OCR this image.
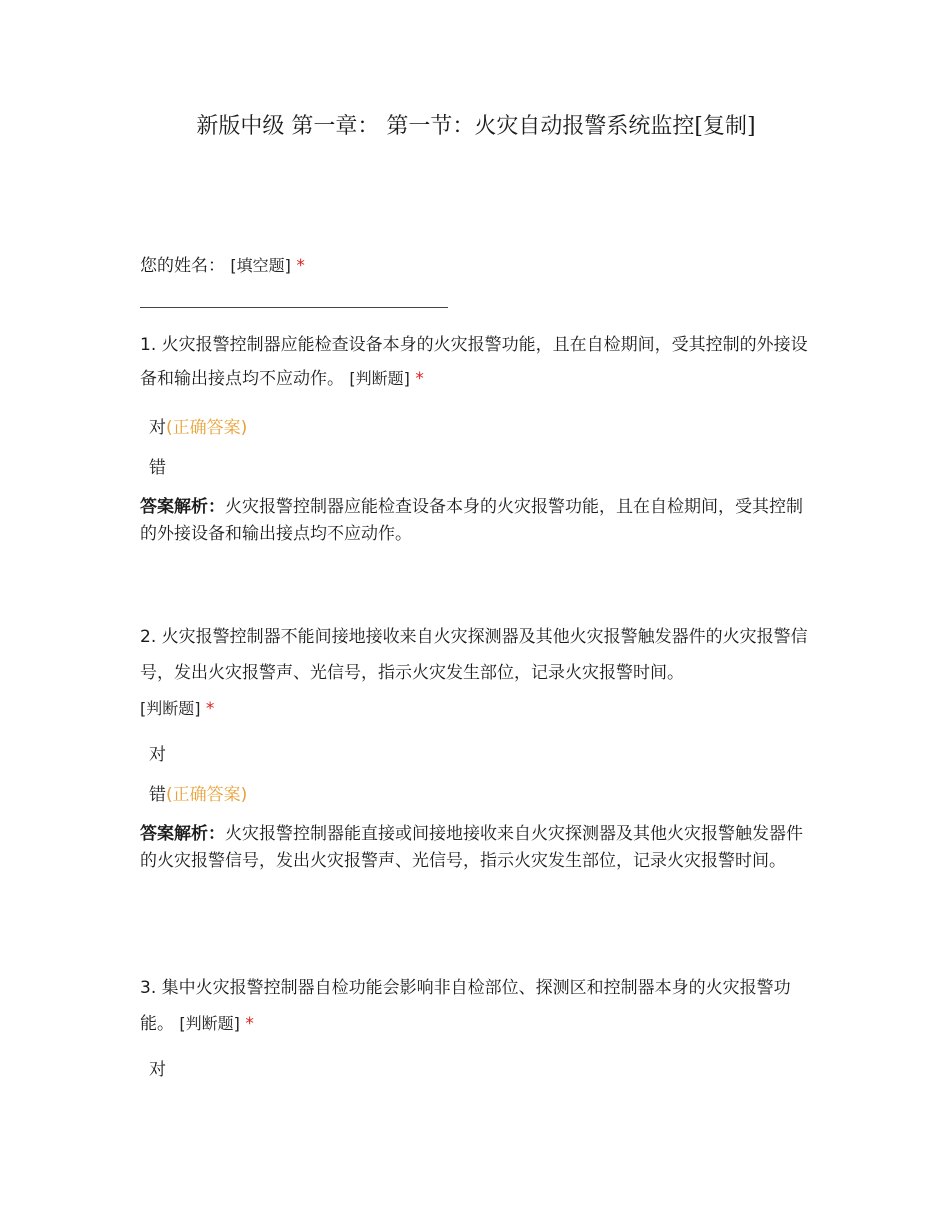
新版中级 第一章： 第一节：火灾自动报警系统监控[复制]

您的姓名： [填空题] *

1. 火灾报警控制器应能检查设备本身的火灾报警功能，且在自检期间，受其控制的外接设备和输出接点均不应动作。 [判断题] *

对(正确答案)
错

答案解析：火灾报警控制器应能检查设备本身的火灾报警功能，且在自检期间，受其控制的外接设备和输出接点均不应动作。

2. 火灾报警控制器不能间接地接收来自火灾探测器及其他火灾报警触发器件的火灾报警信号，发出火灾报警声、光信号，指示火灾发生部位，记录火灾报警时间。
[判断题] *

对
错(正确答案)

答案解析：火灾报警控制器能直接或间接地接收来自火灾探测器及其他火灾报警触发器件的火灾报警信号，发出火灾报警声、光信号，指示火灾发生部位，记录火灾报警时间。

3. 集中火灾报警控制器自检功能会影响非自检部位、探测区和控制器本身的火灾报警功能。 [判断题] *

对
